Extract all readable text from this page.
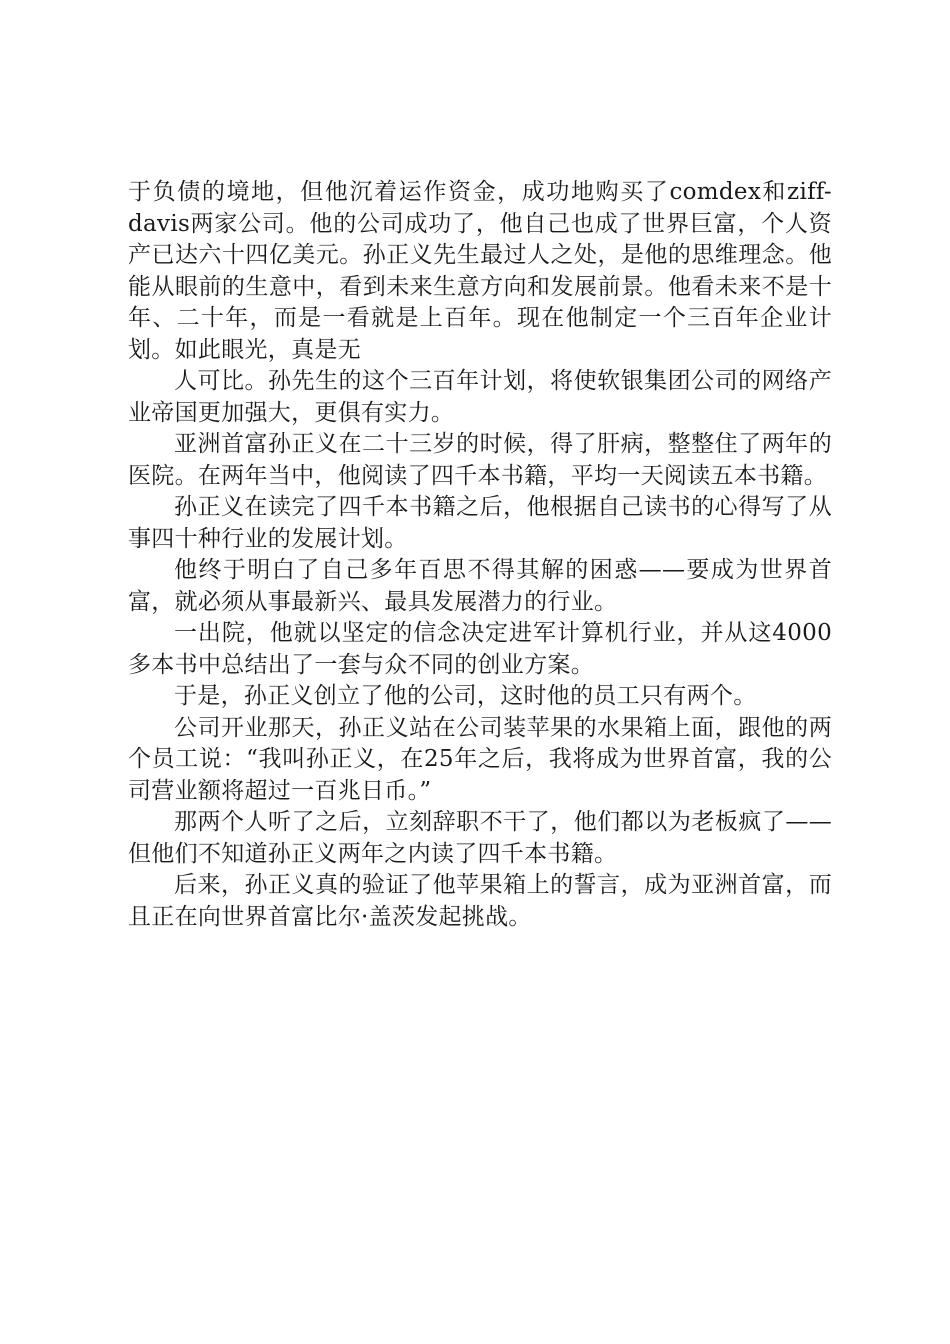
于负债的境地，但他沉着运作资金，成功地购买了comdex和ziff-davis两家公司。他的公司成功了，他自己也成了世界巨富，个人资产已达六十四亿美元。孙正义先生最过人之处，是他的思维理念。他能从眼前的生意中，看到未来生意方向和发展前景。他看未来不是十年、二十年，而是一看就是上百年。现在他制定一个三百年企业计划。如此眼光，真是无

人可比。孙先生的这个三百年计划，将使软银集团公司的网络产业帝国更加强大，更俱有实力。

亚洲首富孙正义在二十三岁的时候，得了肝病，整整住了两年的医院。在两年当中，他阅读了四千本书籍，平均一天阅读五本书籍。

孙正义在读完了四千本书籍之后，他根据自己读书的心得写了从事四十种行业的发展计划。

他终于明白了自己多年百思不得其解的困惑——要成为世界首富，就必须从事最新兴、最具发展潜力的行业。

一出院，他就以坚定的信念决定进军计算机行业，并从这4000多本书中总结出了一套与众不同的创业方案。

于是，孙正义创立了他的公司，这时他的员工只有两个。

公司开业那天，孙正义站在公司装苹果的水果箱上面，跟他的两个员工说：“我叫孙正义，在25年之后，我将成为世界首富，我的公司营业额将超过一百兆日币。”

那两个人听了之后，立刻辞职不干了，他们都以为老板疯了——但他们不知道孙正义两年之内读了四千本书籍。

后来，孙正义真的验证了他苹果箱上的誓言，成为亚洲首富，而且正在向世界首富比尔·盖茨发起挑战。
